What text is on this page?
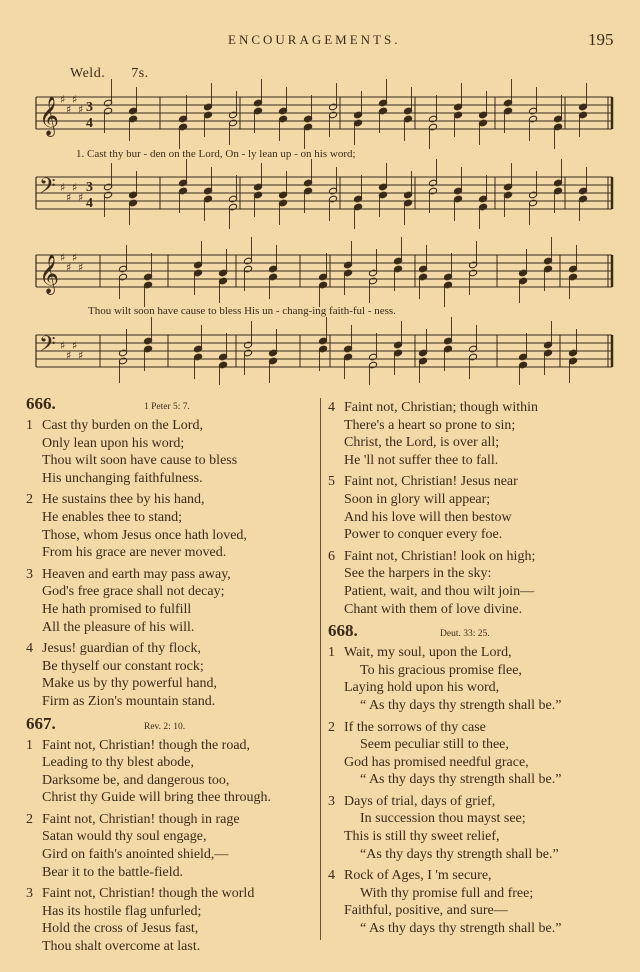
ENCOURAGEMENTS.	195
Weld. 7s.
𝄞 ♯
♯
♯
♯ 3
4
𝄢 ♯
♯
♯
♯
3
4
𝄞 ♯
♯
♯
♯
𝄢 ♯
♯
♯
♯
1. Cast thy bur - den on the Lord, On - ly lean up - on his word;
Thou wilt soon have cause to bless His un - chang-ing faith-ful - ness.
666.	1 Peter 5: 7.
1 Cast thy burden on the Lord,
Only lean upon his word;
Thou wilt soon have cause to bless
His unchanging faithfulness.
2 He sustains thee by his hand,
He enables thee to stand;
Those, whom Jesus once hath loved,
From his grace are never moved.
3 Heaven and earth may pass away,
God's free grace shall not decay;
He hath promised to fulfill
All the pleasure of his will.
4 Jesus! guardian of thy flock,
Be thyself our constant rock;
Make us by thy powerful hand,
Firm as Zion's mountain stand.
667.	Rev. 2: 10.
1 Faint not, Christian! though the road,
Leading to thy blest abode,
Darksome be, and dangerous too,
Christ thy Guide will bring thee through.
2 Faint not, Christian! though in rage
Satan would thy soul engage,
Gird on faith's anointed shield,—
Bear it to the battle-field.
3 Faint not, Christian! though the world
Has its hostile flag unfurled;
Hold the cross of Jesus fast,
Thou shalt overcome at last.
4 Faint not, Christian; though within
There's a heart so prone to sin;
Christ, the Lord, is over all;
He 'll not suffer thee to fall.
5 Faint not, Christian! Jesus near
Soon in glory will appear;
And his love will then bestow
Power to conquer every foe.
6 Faint not, Christian! look on high;
See the harpers in the sky:
Patient, wait, and thou wilt join—
Chant with them of love divine.
668.	Deut. 33: 25.
1 Wait, my soul, upon the Lord,
To his gracious promise flee,
Laying hold upon his word,
“ As thy days thy strength shall be.”
2 If the sorrows of thy case
Seem peculiar still to thee,
God has promised needful grace,
“ As thy days thy strength shall be.”
3 Days of trial, days of grief,
In succession thou mayst see;
This is still thy sweet relief,
“As thy days thy strength shall be.”
4 Rock of Ages, I 'm secure,
With thy promise full and free;
Faithful, positive, and sure—
“ As thy days thy strength shall be.”
